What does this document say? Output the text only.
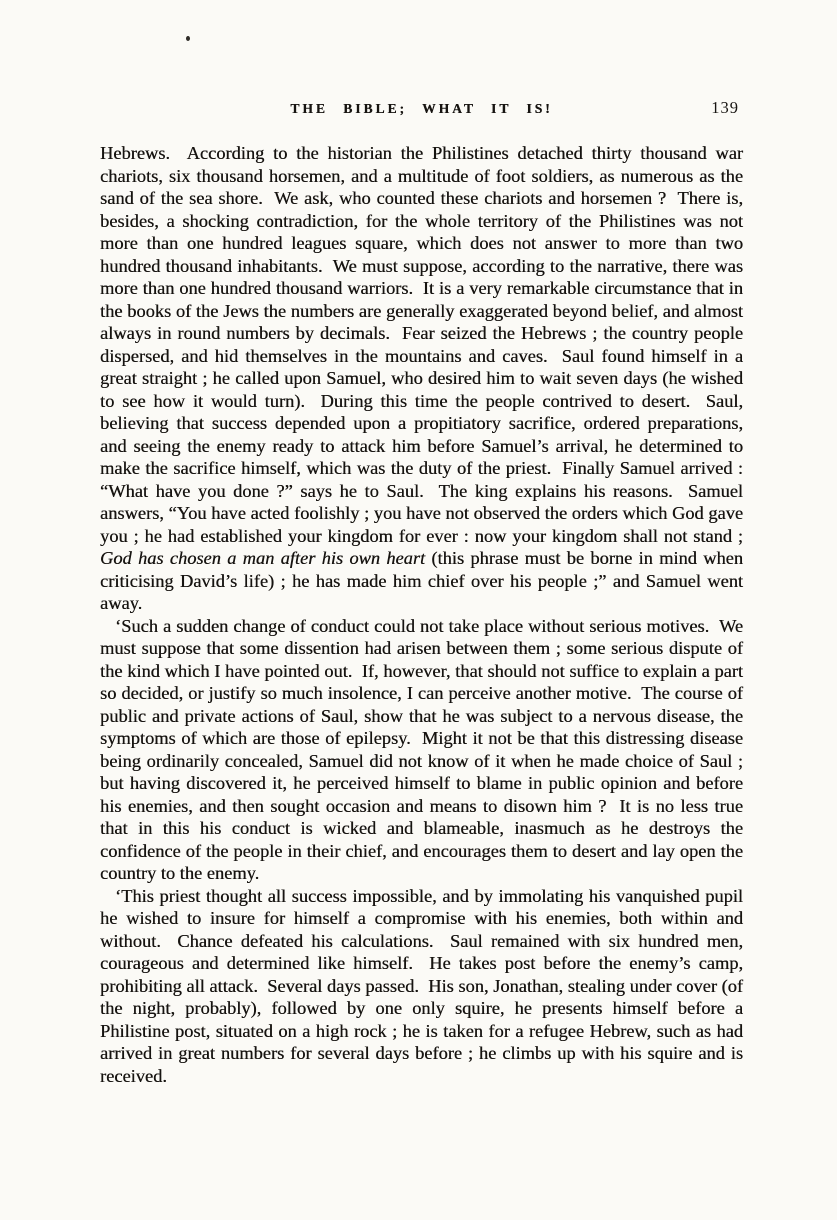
THE BIBLE; WHAT IT IS!	139

Hebrews.  According to the historian the Philistines detached thirty thousand war chariots, six thousand horsemen, and a multitude of foot soldiers, as numerous as the sand of the sea shore.  We ask, who counted these chariots and horsemen ?  There is, besides, a shocking contradiction, for the whole territory of the Philistines was not more than one hundred leagues square, which does not answer to more than two hundred thousand inhabitants.  We must suppose, according to the narrative, there was more than one hundred thousand warriors.  It is a very remarkable circumstance that in the books of the Jews the numbers are generally exaggerated beyond belief, and almost always in round numbers by decimals.  Fear seized the Hebrews ; the country people dispersed, and hid themselves in the mountains and caves.  Saul found himself in a great straight ; he called upon Samuel, who desired him to wait seven days (he wished to see how it would turn).  During this time the people contrived to desert.  Saul, believing that success depended upon a propitiatory sacrifice, ordered preparations, and seeing the enemy ready to attack him before Samuel’s arrival, he determined to make the sacrifice himself, which was the duty of the priest.  Finally Samuel arrived : “What have you done ?” says he to Saul.  The king explains his reasons.  Samuel answers, “You have acted foolishly ; you have not observed the orders which God gave you ; he had established your kingdom for ever : now your kingdom shall not stand ; God has chosen a man after his own heart (this phrase must be borne in mind when criticising David’s life) ; he has made him chief over his people ;” and Samuel went away.

‘Such a sudden change of conduct could not take place without serious motives.  We must suppose that some dissention had arisen between them ; some serious dispute of the kind which I have pointed out.  If, however, that should not suffice to explain a part so decided, or justify so much insolence, I can perceive another motive.  The course of public and private actions of Saul, show that he was subject to a nervous disease, the symptoms of which are those of epilepsy.  Might it not be that this distressing disease being ordinarily concealed, Samuel did not know of it when he made choice of Saul ; but having discovered it, he perceived himself to blame in public opinion and before his enemies, and then sought occasion and means to disown him ?  It is no less true that in this his conduct is wicked and blameable, inasmuch as he destroys the confidence of the people in their chief, and encourages them to desert and lay open the country to the enemy.

‘This priest thought all success impossible, and by immolating his vanquished pupil he wished to insure for himself a compromise with his enemies, both within and without.  Chance defeated his calculations.  Saul remained with six hundred men, courageous and determined like himself.  He takes post before the enemy’s camp, prohibiting all attack.  Several days passed.  His son, Jonathan, stealing under cover (of the night, probably), followed by one only squire, he presents himself before a Philistine post, situated on a high rock ; he is taken for a refugee Hebrew, such as had arrived in great numbers for several days before ; he climbs up with his squire and is received.
